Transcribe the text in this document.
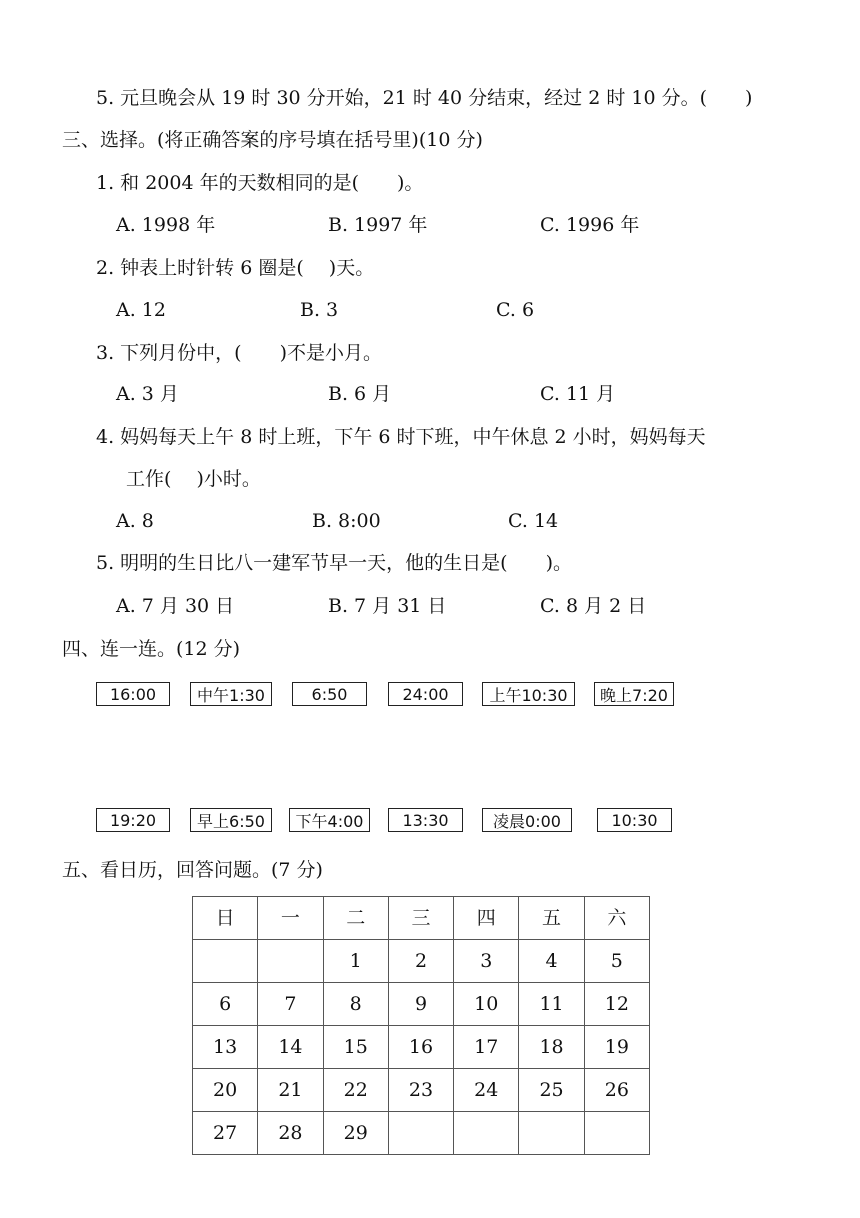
5. 元旦晚会从 19 时 30 分开始，21 时 40 分结束，经过 2 时 10 分。(　　)
三、选择。(将正确答案的序号填在括号里)(10 分)
1. 和 2004 年的天数相同的是(　　)。
A. 1998 年	B. 1997 年	C. 1996 年
2. 钟表上时针转 6 圈是(　 )天。
A. 12	B. 3	C. 6
3. 下列月份中，(　　)不是小月。
A. 3 月	B. 6 月	C. 11 月
4. 妈妈每天上午 8 时上班，下午 6 时下班，中午休息 2 小时，妈妈每天
工作(　 )小时。
A. 8	B. 8:00	C. 14
5. 明明的生日比八一建军节早一天，他的生日是(　　)。
A. 7 月 30 日	B. 7 月 31 日	C. 8 月 2 日
四、连一连。(12 分)
16:00	中午1:30	6:50	24:00	上午10:30	晚上7:20
19:20	早上6:50	下午4:00	13:30	凌晨0:00	10:30
五、看日历，回答问题。(7 分)
日	一	二	三	四	五	六
		1	2	3	4	5
6	7	8	9	10	11	12
13	14	15	16	17	18	19
20	21	22	23	24	25	26
27	28	29				
